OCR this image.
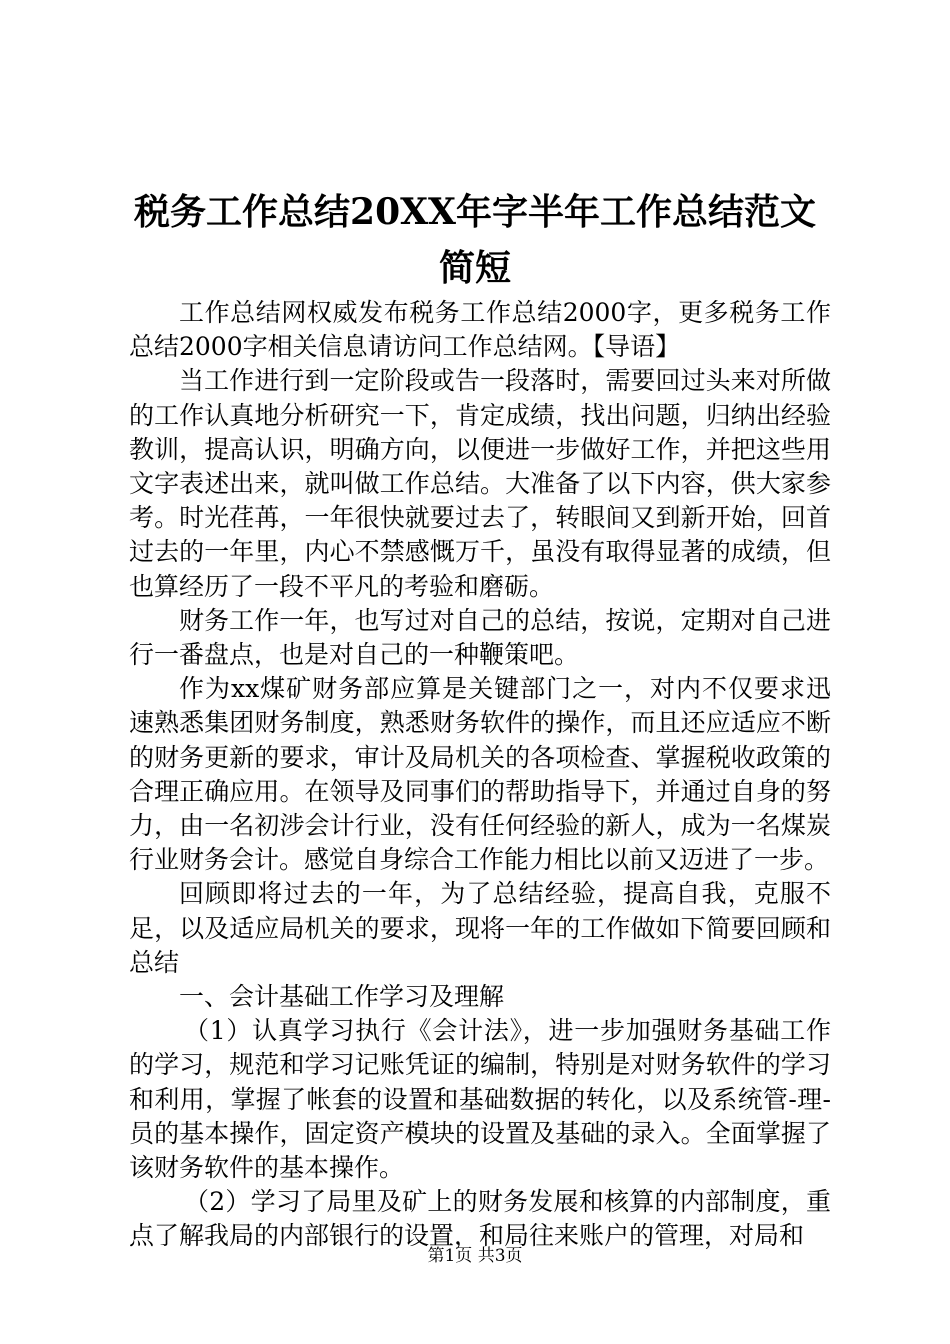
税务工作总结20XX年字半年工作总结范文简短

工作总结网权威发布税务工作总结2000字，更多税务工作总结2000字相关信息请访问工作总结网。【导语】

当工作进行到一定阶段或告一段落时，需要回过头来对所做的工作认真地分析研究一下，肯定成绩，找出问题，归纳出经验教训，提高认识，明确方向，以便进一步做好工作，并把这些用文字表述出来，就叫做工作总结。大准备了以下内容，供大家参考。时光荏苒，一年很快就要过去了，转眼间又到新开始，回首过去的一年里，内心不禁感慨万千，虽没有取得显著的成绩，但也算经历了一段不平凡的考验和磨砺。

财务工作一年，也写过对自己的总结，按说，定期对自己进行一番盘点，也是对自己的一种鞭策吧。

作为xx煤矿财务部应算是关键部门之一，对内不仅要求迅速熟悉集团财务制度，熟悉财务软件的操作，而且还应适应不断的财务更新的要求，审计及局机关的各项检查、掌握税收政策的合理正确应用。在领导及同事们的帮助指导下，并通过自身的努力，由一名初涉会计行业，没有任何经验的新人，成为一名煤炭行业财务会计。感觉自身综合工作能力相比以前又迈进了一步。

回顾即将过去的一年，为了总结经验，提高自我，克服不足，以及适应局机关的要求，现将一年的工作做如下简要回顾和总结

一、会计基础工作学习及理解

（1）认真学习执行《会计法》，进一步加强财务基础工作的学习，规范和学习记账凭证的编制，特别是对财务软件的学习和利用，掌握了帐套的设置和基础数据的转化，以及系统管-理-员的基本操作，固定资产模块的设置及基础的录入。全面掌握了该财务软件的基本操作。

（2）学习了局里及矿上的财务发展和核算的内部制度，重点了解我局的内部银行的设置，和局往来账户的管理，对局和

第1页 共3页
